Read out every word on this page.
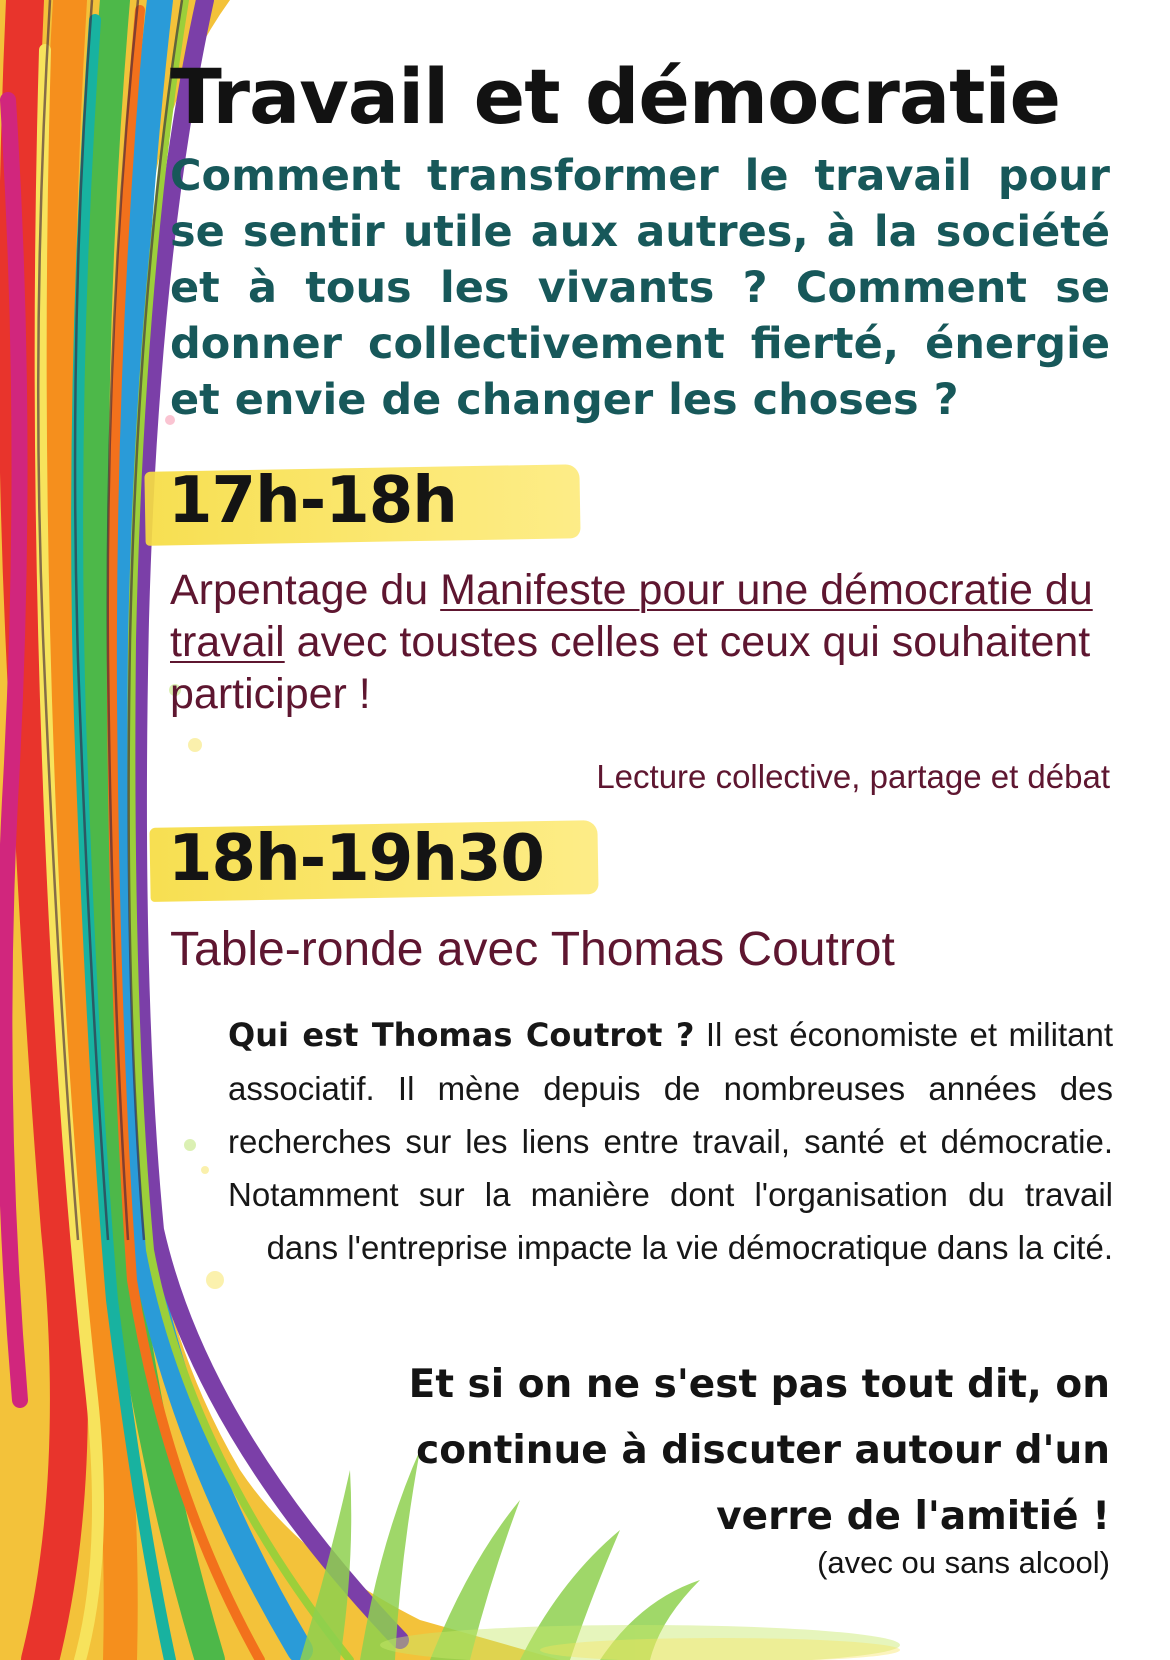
Travail et démocratie

Comment transformer le travail pour se sentir utile aux autres, à la société et à tous les vivants ? Comment se donner collectivement fierté, énergie et envie de changer les choses ?

17h-18h

Arpentage du Manifeste pour une démocratie du travail avec toustes celles et ceux qui souhaitent participer !

Lecture collective, partage et débat

18h-19h30

Table-ronde avec Thomas Coutrot

Qui est Thomas Coutrot ? Il est économiste et militant associatif. Il mène depuis de nombreuses années des recherches sur les liens entre travail, santé et démocratie. Notamment sur la manière dont l'organisation du travail dans l'entreprise impacte la vie démocratique dans la cité.

Et si on ne s'est pas tout dit, on continue à discuter autour d'un verre de l'amitié !

(avec ou sans alcool)
